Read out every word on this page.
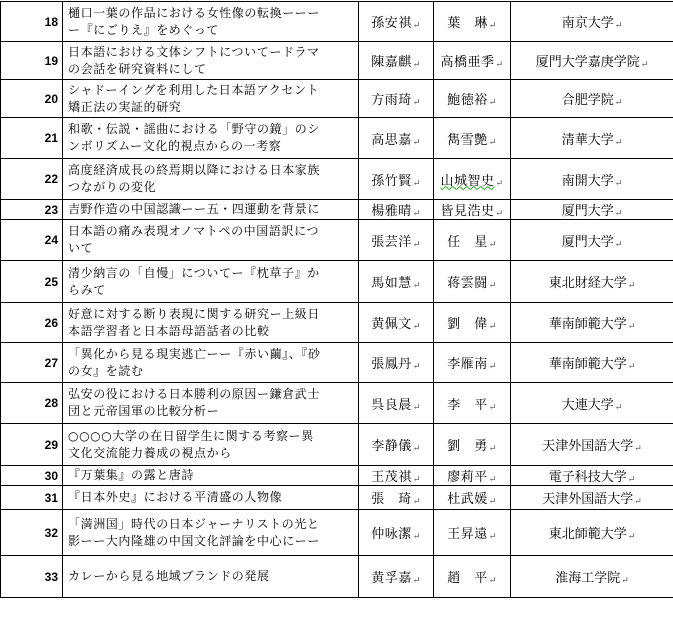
18	樋口一葉の作品における女性像の転換ーーー
ー『にごりえ』をめぐって	孫安祺↵	葉　琳↵	南京大学↵
19	日本語における文体シフトについてードラマ
の会話を研究資料にして	陳嘉麒↵	高橋亜季↵	厦門大学嘉庚学院↵
20	シャドーイングを利用した日本語アクセント
矯正法の実証的研究	方雨琦↵	鮑徳裕↵	合肥学院↵
21	和歌・伝説・謡曲における「野守の鏡」のシ
ンボリズムー文化的視点からの一考察	高思嘉↵	雋雪艶↵	清華大学↵
22	高度経済成長の終焉期以降における日本家族
つながりの変化	孫竹賢↵	山城智史↵	南開大学↵
23	吉野作造の中国認識ーー五・四運動を背景に	楊雅晴↵	皆見浩史↵	厦門大学↵
24	日本語の痛み表現オノマトペの中国語訳につ
いて	張芸洋↵	任　星↵	厦門大学↵
25	清少納言の「自慢」についてー『枕草子』か
らみて	馬如慧↵	蒋雲闘↵	東北財経大学↵
26	好意に対する断り表現に関する研究ー上級日
本語学習者と日本語母語話者の比較	黄佩文↵	劉　偉↵	華南師範大学↵
27	「異化から見る現実逃亡ーー『赤い繭』、『砂
の女』を読む	張鳳丹↵	李雁南↵	華南師範大学↵
28	弘安の役における日本勝利の原因ー鎌倉武士
団と元帝国軍の比較分析ー	呉良晨↵	李　平↵	大連大学↵
29	○○○○大学の在日留学生に関する考察ー異
文化交流能力養成の視点から	李静儀↵	劉　勇↵	天津外国語大学↵
30	『万葉集』の露と唐詩	王茂祺↵	廖莉平↵	電子科技大学↵
31	『日本外史』における平清盛の人物像	張　琦↵	杜武媛↵	天津外国語大学↵
32	「満洲国」時代の日本ジャーナリストの光と
影ーー大内隆雄の中国文化評論を中心にーー	仲咏潔↵	王昇遠↵	東北師範大学↵
33	カレーから見る地域ブランドの発展	黄孚嘉↵	趙　平↵	淮海工学院↵
